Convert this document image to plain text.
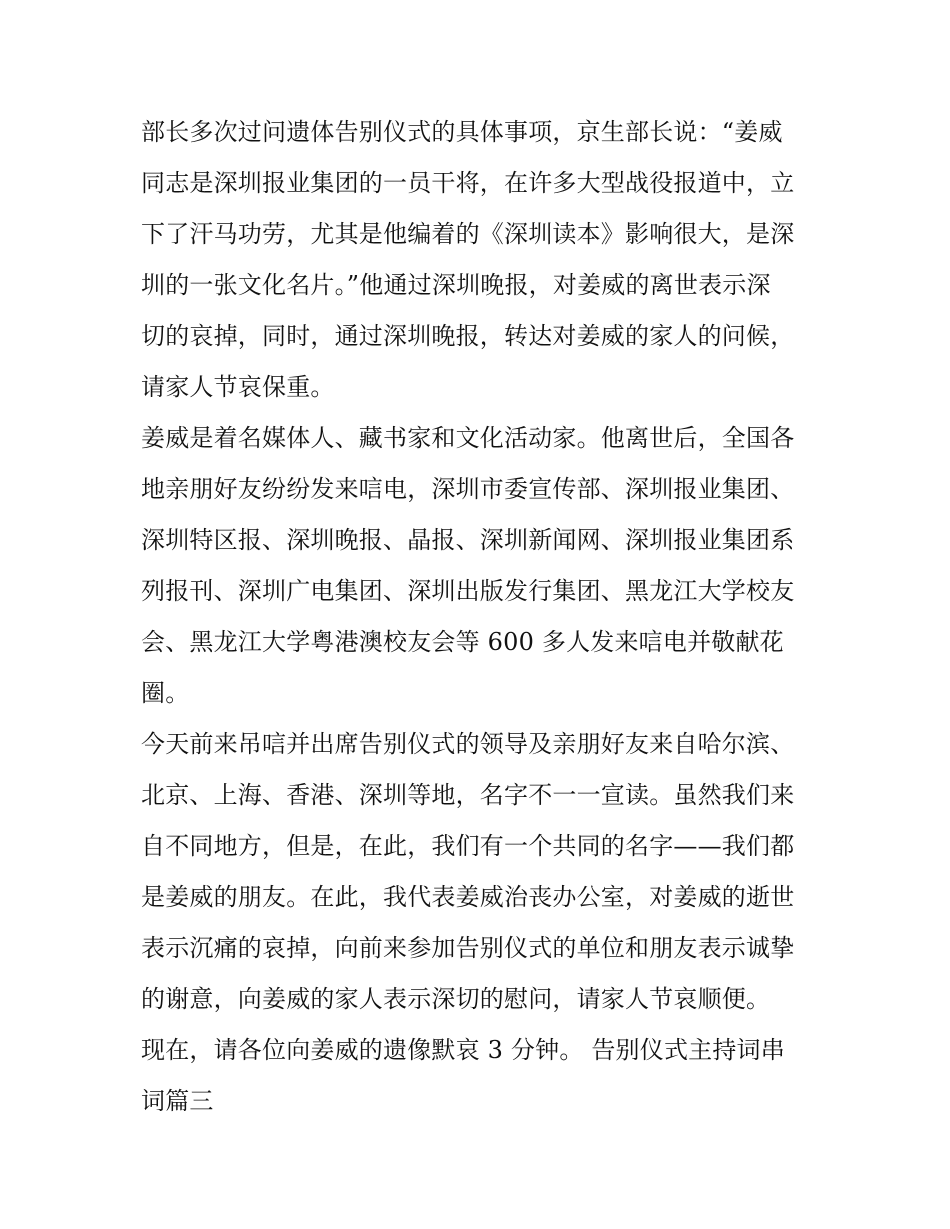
部长多次过问遗体告别仪式的具体事项，京生部长说：“姜威
同志是深圳报业集团的一员干将，在许多大型战役报道中，立
下了汗马功劳，尤其是他编着的《深圳读本》影响很大，是深
圳的一张文化名片。”他通过深圳晚报，对姜威的离世表示深
切的哀掉，同时，通过深圳晚报，转达对姜威的家人的问候，
请家人节哀保重。
姜威是着名媒体人、藏书家和文化活动家。他离世后，全国各
地亲朋好友纷纷发来唁电，深圳市委宣传部、深圳报业集团、
深圳特区报、深圳晚报、晶报、深圳新闻网、深圳报业集团系
列报刊、深圳广电集团、深圳出版发行集团、黑龙江大学校友
会、黑龙江大学粤港澳校友会等 600 多人发来唁电并敬献花
圈。
今天前来吊唁并出席告别仪式的领导及亲朋好友来自哈尔滨、
北京、上海、香港、深圳等地，名字不一一宣读。虽然我们来
自不同地方，但是，在此，我们有一个共同的名字——我们都
是姜威的朋友。在此，我代表姜威治丧办公室，对姜威的逝世
表示沉痛的哀掉，向前来参加告别仪式的单位和朋友表示诚挚
的谢意，向姜威的家人表示深切的慰问，请家人节哀顺便。
现在，请各位向姜威的遗像默哀 3 分钟。 告别仪式主持词串
词篇三
